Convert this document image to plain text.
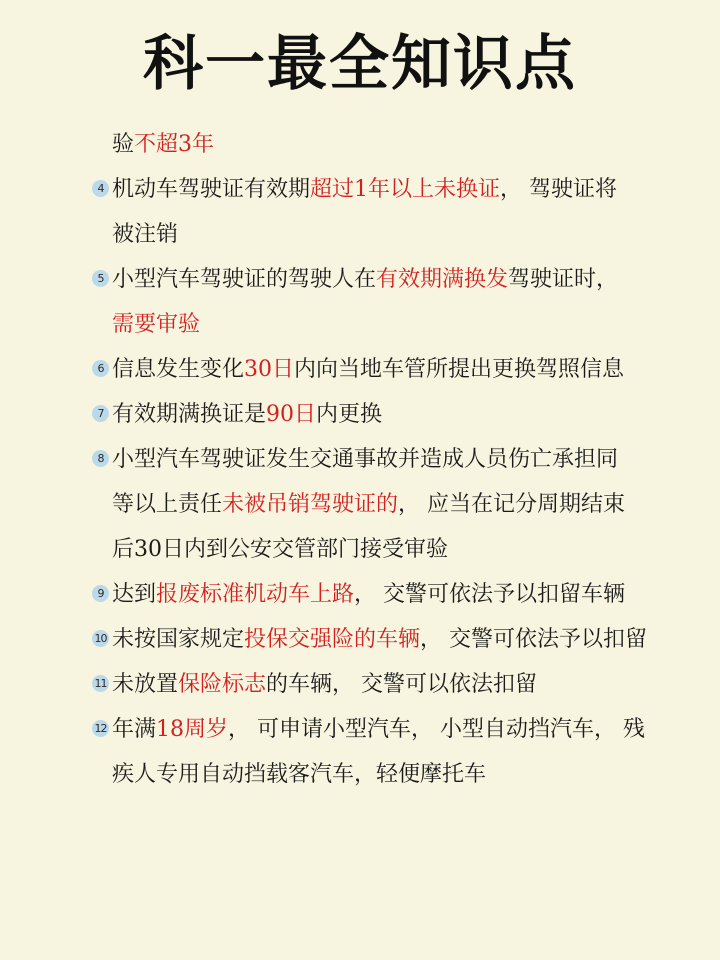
科一最全知识点
验不超3年
4 机动车驾驶证有效期超过1年以上未换证， 驾驶证将
被注销
5 小型汽车驾驶证的驾驶人在有效期满换发驾驶证时，
需要审验
6 信息发生变化30日内向当地车管所提出更换驾照信息
7 有效期满换证是90日内更换
8 小型汽车驾驶证发生交通事故并造成人员伤亡承担同
等以上责任未被吊销驾驶证的， 应当在记分周期结束
后30日内到公安交管部门接受审验
9 达到报废标准机动车上路， 交警可依法予以扣留车辆
10 未按国家规定投保交强险的车辆， 交警可依法予以扣留
11 未放置保险标志的车辆， 交警可以依法扣留
12 年满18周岁， 可申请小型汽车， 小型自动挡汽车， 残
疾人专用自动挡载客汽车，轻便摩托车
